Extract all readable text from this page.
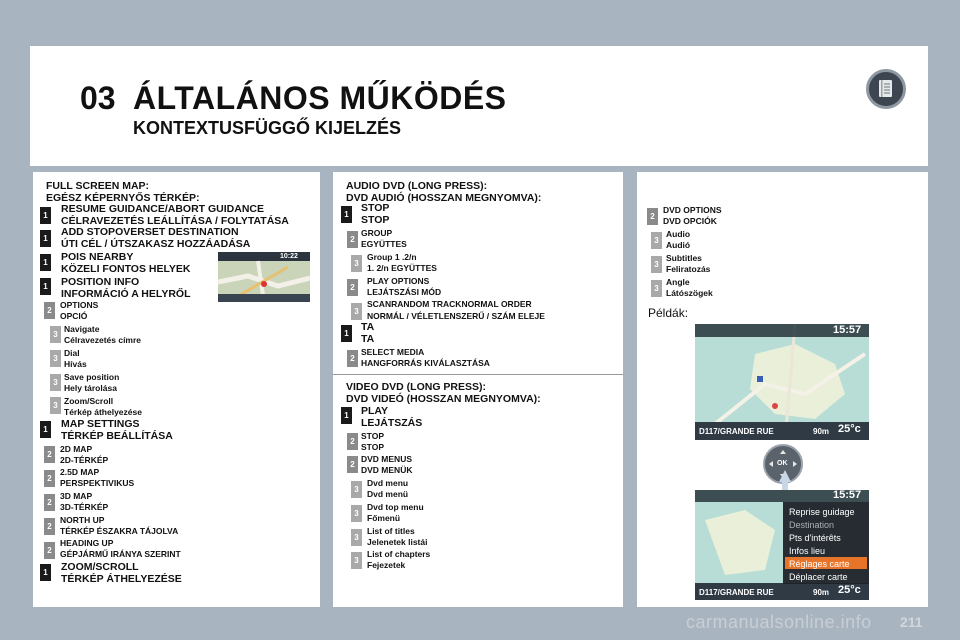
03 ÁLTALÁNOS MŰKÖDÉS
KONTEXTUSFÜGGŐ KIJELZÉS
FULL SCREEN MAP:
EGÉSZ KÉPERNYŐS TÉRKÉP:
1
RESUME GUIDANCE/ABORT GUIDANCE
CÉLRAVEZETÉS LEÁLLÍTÁSA / FOLYTATÁSA
1
ADD STOPOVERSET DESTINATION
ÚTI CÉL / ÚTSZAKASZ HOZZÁADÁSA
1	POIS NEARBY
KÖZELI FONTOS HELYEK
1	POSITION INFO
INFORMÁCIÓ A HELYRŐL
10:22
2
OPTIONS
OPCIÓ
3
Navigate
Célravezetés címre
3
Dial
Hívás
3
Save position
Hely tárolása
3 Zoom/Scroll
Térkép áthelyezése
1	MAP SETTINGS
TÉRKÉP BEÁLLÍTÁSA
2
2D MAP
2D-TÉRKÉP
2
2.5D MAP
PERSPEKTIVIKUS
2
3D MAP
3D-TÉRKÉP
2
NORTH UP
TÉRKÉP ÉSZAKRA TÁJOLVA
2
HEADING UP
GÉPJÁRMŰ IRÁNYA SZERINT
1	ZOOM/SCROLL
TÉRKÉP ÁTHELYEZÉSE
AUDIO DVD (LONG PRESS):
DVD AUDIÓ (HOSSZAN MEGNYOMVA):
1
STOP
STOP
2
GROUP
EGYÜTTES
3
Group 1 .2/n
1. 2/n EGYÜTTES
2
PLAY OPTIONS
LEJÁTSZÁSI MÓD
3
SCANRANDOM TRACKNORMAL ORDER
NORMÁL / VÉLETLENSZERŰ / SZÁM ELEJE
1
TA
TA
2
SELECT MEDIA
HANGFORRÁS KIVÁLASZTÁSA
VIDEO DVD (LONG PRESS):
DVD VIDEÓ (HOSSZAN MEGNYOMVA):
1	PLAY
LEJÁTSZÁS
2
STOP
STOP
2
DVD MENUS
DVD MENÜK
3
Dvd menu
Dvd menü
3
Dvd top menu
Főmenü
3
List of titles
Jelenetek listái
3
List of chapters
Fejezetek
2
DVD OPTIONS
DVD OPCIÓK
3
Audio
Audió
3
Subtitles
Feliratozás
3
Angle
Látószögek
Példák:
15:57
D117/GRANDE RUE	90m 25°c
OK
Reprise guidage
Destination
Pts d'intérêts
Infos lieu
Réglages carte
Déplacer carte
15:57
D117/GRANDE RUE	90m 25°c
carmanualsonline.info 211
